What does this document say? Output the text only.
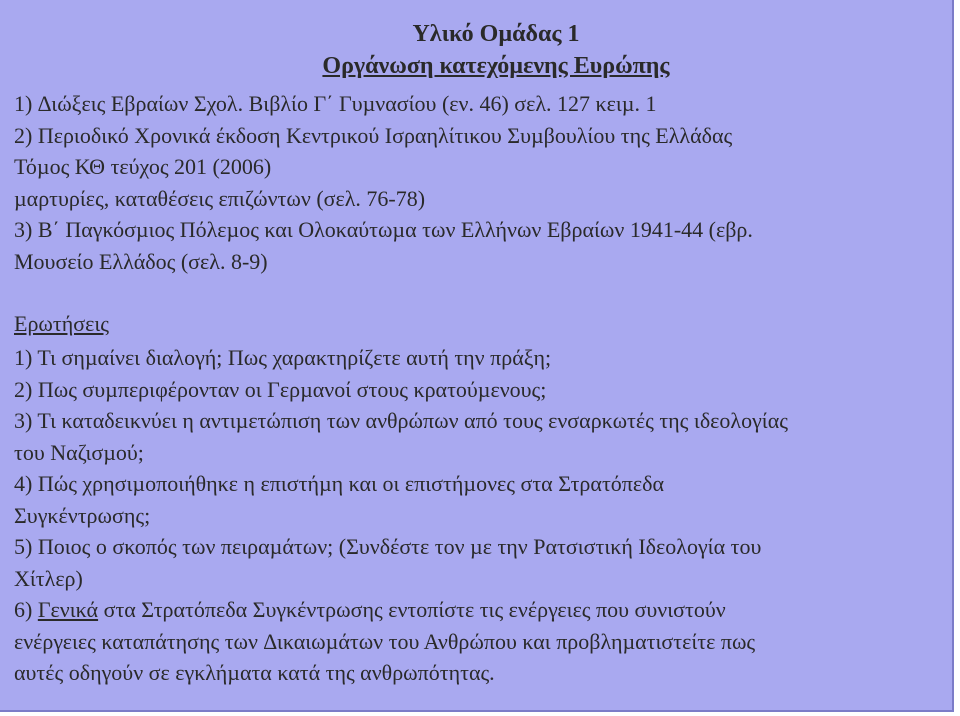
Υλικό Οµάδας 1
Οργάνωση κατεχόµενης Ευρώπης
1) ∆ιώξεις Εβραίων Σχολ. Βιβλίο Γ΄ Γυµνασίου (εν. 46) σελ. 127 κειµ. 1
2) Περιοδικό Χρονικά έκδοση Κεντρικού Ισραηλίτικου Συµβουλίου της Ελλάδας
Τόµος ΚΘ τεύχος 201 (2006)
µαρτυρίες, καταθέσεις επιζώντων (σελ. 76-78)
3) Β΄ Παγκόσµιος Πόλεµος και Ολοκαύτωµα των Ελλήνων Εβραίων 1941-44 (εβρ.
Μουσείο Ελλάδος (σελ. 8-9)
Ερωτήσεις
1) Τι σηµαίνει διαλογή; Πως χαρακτηρίζετε αυτή την πράξη;
2) Πως συµπεριφέρονταν οι Γερµανοί στους κρατούµενους;
3) Τι καταδεικνύει η αντιµετώπιση των ανθρώπων από τους ενσαρκωτές της ιδεολογίας
του Ναζισµού;
4) Πώς χρησιµοποιήθηκε η επιστήµη και οι επιστήµονες στα Στρατόπεδα
Συγκέντρωσης;
5) Ποιος ο σκοπός των πειραµάτων; (Συνδέστε τον µε την Ρατσιστική Ιδεολογία του
Χίτλερ)
6) Γενικά στα Στρατόπεδα Συγκέντρωσης εντοπίστε τις ενέργειες που συνιστούν
ενέργειες καταπάτησης των ∆ικαιωµάτων του Ανθρώπου και προβληµατιστείτε πως
αυτές οδηγούν σε εγκλήµατα κατά της ανθρωπότητας.
